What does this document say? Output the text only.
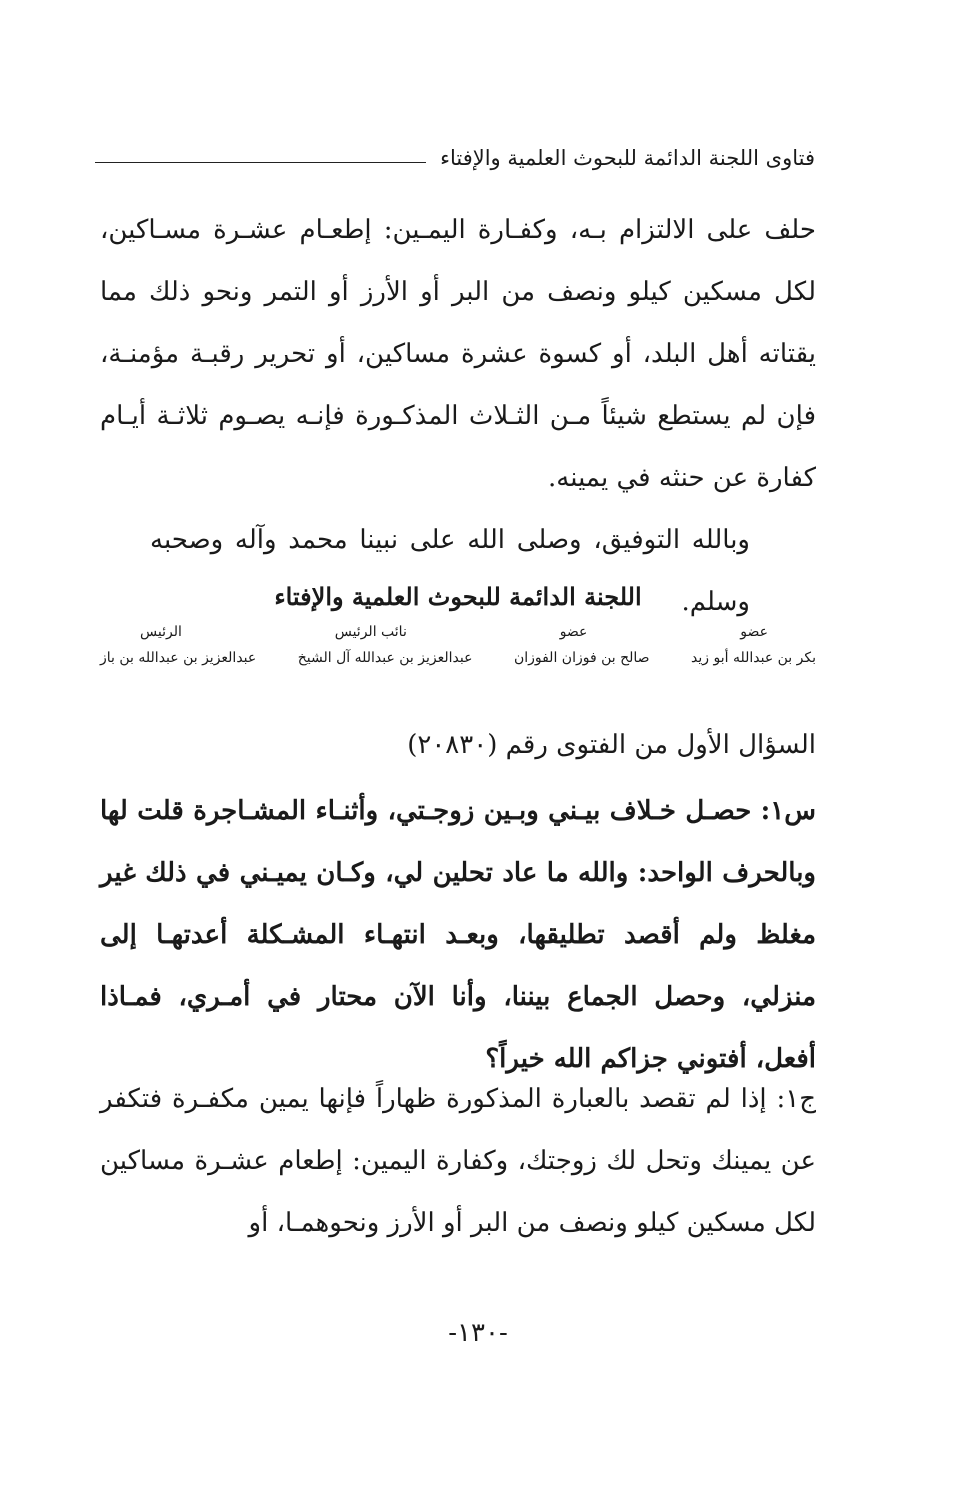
فتاوى اللجنة الدائمة للبحوث العلمية والإفتاء
حلف على الالتزام بـه، وكفـارة اليمـين: إطعـام عشـرة مسـاكين، لكل مسكين كيلو ونصف من البر أو الأرز أو التمر ونحو ذلك مما يقتاته أهل البلد، أو كسوة عشرة مساكين، أو تحرير رقبـة مؤمنـة، فإن لم يستطع شيئاً مـن الثـلاث المذكـورة فإنـه يصـوم ثلاثـة أيـام كفارة عن حنثه في يمينه.
وبالله التوفيق، وصلى الله على نبينا محمد وآله وصحبه وسلم.
اللجنة الدائمة للبحوث العلمية والإفتاء
عضو
عضو
نائب الرئيس
الرئيس
بكر بن عبدالله أبو زيد
صالح بن فوزان الفوزان
عبدالعزيز بن عبدالله آل الشيخ
عبدالعزيز بن عبدالله بن باز
السؤال الأول من الفتوى رقم (٢٠٨٣٠)
س١: حصـل خـلاف بيـني وبـين زوجـتي، وأثنـاء المشـاجرة قلت لها وبالحرف الواحد: والله ما عاد تحلين لي، وكـان يميـني في ذلك غير مغلظ ولم أقصد تطليقها، وبعـد انتهـاء المشـكلة أعدتهـا إلى منزلي، وحصل الجماع بيننا، وأنا الآن محتار في أمـري، فمـاذا أفعل، أفتوني جزاكم الله خيراً؟
ج١: إذا لم تقصد بالعبارة المذكورة ظهاراً فإنها يمين مكفـرة فتكفر عن يمينك وتحل لك زوجتك، وكفارة اليمين: إطعام عشـرة مساكين لكل مسكين كيلو ونصف من البر أو الأرز ونحوهمـا، أو
-١٣٠-
